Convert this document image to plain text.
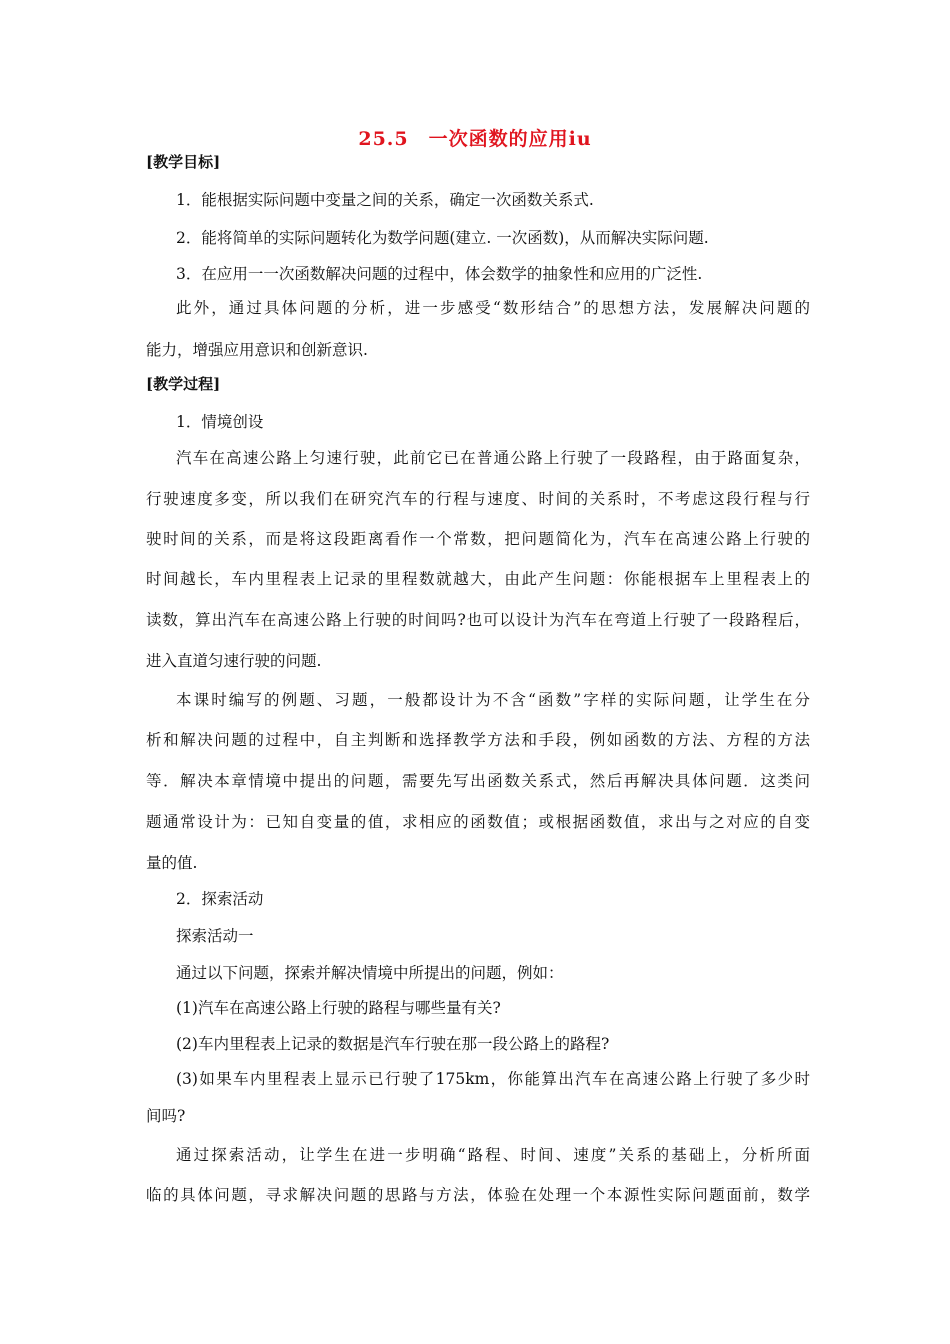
25.5　一次函数的应用iu
[教学目标]
1．能根据实际问题中变量之间的关系，确定一次函数关系式.
2．能将简单的实际问题转化为数学问题(建立. 一次函数)，从而解决实际问题.
3．在应用一一次函数解决问题的过程中，体会数学的抽象性和应用的广泛性.
此外，通过具体问题的分析，进一步感受“数形结合”的思想方法，发展解决问题的
能力，增强应用意识和创新意识.
[教学过程]
1．情境创设
汽车在高速公路上匀速行驶，此前它已在普通公路上行驶了一段路程，由于路面复杂，
行驶速度多变，所以我们在研究汽车的行程与速度、时间的关系时，不考虑这段行程与行
驶时间的关系，而是将这段距离看作一个常数，把问题简化为，汽车在高速公路上行驶的
时间越长，车内里程表上记录的里程数就越大，由此产生问题：你能根据车上里程表上的
读数，算出汽车在高速公路上行驶的时间吗?也可以设计为汽车在弯道上行驶了一段路程后，
进入直道匀速行驶的问题.
本课时编写的例题、习题，一般都设计为不含“函数”字样的实际问题，让学生在分
析和解决问题的过程中，自主判断和选择教学方法和手段，例如函数的方法、方程的方法
等．解决本章情境中提出的问题，需要先写出函数关系式，然后再解决具体问题．这类问
题通常设计为：已知自变量的值，求相应的函数值；或根据函数值，求出与之对应的自变
量的值.
2．探索活动
探索活动一
通过以下问题，探索并解决情境中所提出的问题，例如：
(1)汽车在高速公路上行驶的路程与哪些量有关?
(2)车内里程表上记录的数据是汽车行驶在那一段公路上的路程?
(3)如果车内里程表上显示已行驶了175km，你能算出汽车在高速公路上行驶了多少时
间吗?
通过探索活动，让学生在进一步明确“路程、时间、速度”关系的基础上，分析所面
临的具体问题，寻求解决问题的思路与方法，体验在处理一个本源性实际问题面前，数学
